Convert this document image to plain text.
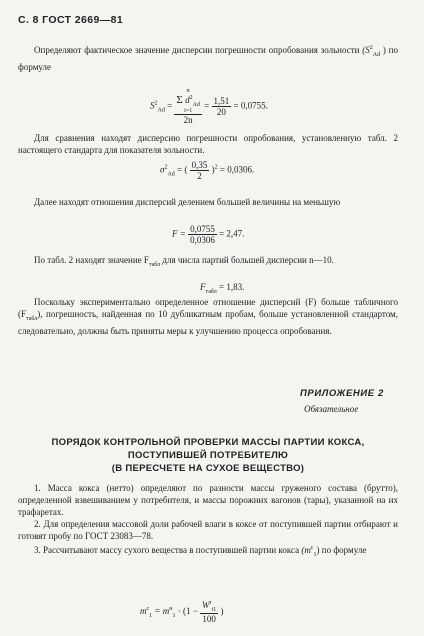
С. 8 ГОСТ 2669—81
Определяют фактическое значение дисперсии погрешности опробования зольности ($S^2_{Ad}$ ) по формуле
$S^2_{Ad} = n$
Σ $d^2_{Ad}$
i=1
$2n = \frac{1,51}{20} = 0,0755$.
Для сравнения находят дисперсию погрешности опробования, установленную табл. 2 настоящего стандарта для показателя зольности.
$\sigma^2_{Ad}$ = ( $\frac{0,35}{2} )^2 = 0,0306$.
Далее находят отношения дисперсий делением большей величины на меньшую
$F = \frac{0,0755}{0,0306} = 2,47$.
По табл. 2 находят значение $F_{табл}$ для числа партий большей дисперсии n—10.
$F_{табл} = 1,83$.
Поскольку экспериментально определенное отношение дисперсий (F) больше табличного $(F_{табл})$, погрешность, найденная по 10 дубликатным пробам, больше установленной стандартом, следовательно, должны быть приняты меры к улучшению процесса опробования.
ПРИЛОЖЕНИЕ 2
Обязательное
ПОРЯДОК КОНТРОЛЬНОЙ ПРОВЕРКИ МАССЫ ПАРТИИ КОКСА,
ПОСТУПИВШЕЙ ПОТРЕБИТЕЛЮ
(В ПЕРЕСЧЕТЕ НА СУХОЕ ВЕЩЕСТВО)
1. Масса кокса (нетто) определяют по разности массы груженого состава (брутто), определенной взвешиванием у потребителя, и массы порожних вагонов (тары), указанной на их трафаретах.
2. Для определения массовой доли рабочей влаги в коксе от поступившей партии отбирают и готовят пробу по ГОСТ 23083—78.
3. Рассчитывают массу сухого вещества в поступившей партии кокса $(m^c_1)$ по формуле
$m^c_1 = m^н_1 \cdot (1 - \frac{W^r_{t1}}{100}$ )
